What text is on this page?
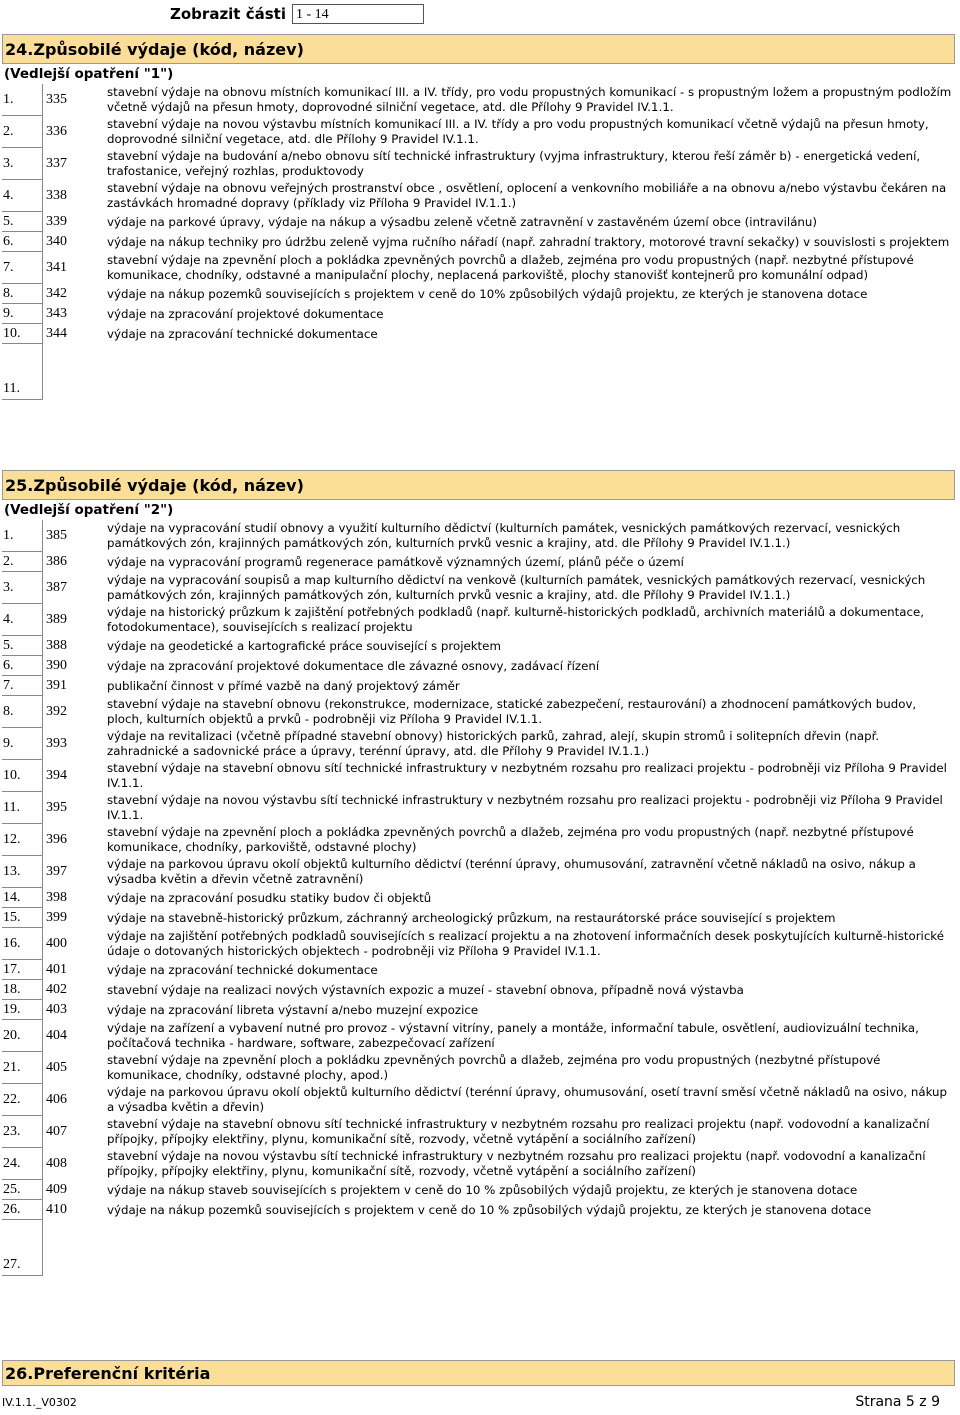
Zobrazit části 1 - 14
24.Způsobilé výdaje (kód, název)
(Vedlejší opatření "1")
1.	335	stavební výdaje na obnovu místních komunikací III. a IV. třídy, pro vodu propustných komunikací - s propustným ložem a propustným podložím včetně výdajů na přesun hmoty, doprovodné silniční vegetace, atd. dle Přílohy 9 Pravidel IV.1.1.
2.	336	stavební výdaje na novou výstavbu místních komunikací III. a IV. třídy a pro vodu propustných komunikací včetně výdajů na přesun hmoty, doprovodné silniční vegetace, atd. dle Přílohy 9 Pravidel IV.1.1.
3.	337	stavební výdaje na budování a/nebo obnovu sítí technické infrastruktury (vyjma infrastruktury, kterou řeší záměr b) - energetická vedení, trafostanice, veřejný rozhlas, produktovody
4.	338	stavební výdaje na obnovu veřejných prostranství obce , osvětlení, oplocení a venkovního mobiliáře a na obnovu a/nebo výstavbu čekáren na zastávkách hromadné dopravy (příklady viz Příloha 9 Pravidel IV.1.1.)
5.	339	výdaje na parkové úpravy, výdaje na nákup a výsadbu zeleně včetně zatravnění v zastavěném území obce (intravilánu)
6.	340	výdaje na nákup techniky pro údržbu zeleně vyjma ručního nářadí (např. zahradní traktory, motorové travní sekačky) v souvislosti s projektem
7.	341	stavební výdaje na zpevnění ploch a pokládka zpevněných povrchů a dlažeb, zejména pro vodu propustných (např. nezbytné přístupové komunikace, chodníky, odstavné a manipulační plochy, neplacená parkoviště, plochy stanovišť kontejnerů pro komunální odpad)
8.	342	výdaje na nákup pozemků souvisejících s projektem v ceně do 10% způsobilých výdajů projektu, ze kterých je stanovena dotace
9.	343	výdaje na zpracování projektové dokumentace
10.	344	výdaje na zpracování technické dokumentace
11.
25.Způsobilé výdaje (kód, název)
(Vedlejší opatření "2")
1.	385	výdaje na vypracování studií obnovy a využití kulturního dědictví (kulturních památek, vesnických památkových rezervací, vesnických památkových zón, krajinných památkových zón, kulturních prvků vesnic a krajiny, atd. dle Přílohy 9 Pravidel IV.1.1.)
2.	386	výdaje na vypracování programů regenerace památkově významných území, plánů péče o území
3.	387	výdaje na vypracování soupisů a map kulturního dědictví na venkově (kulturních památek, vesnických památkových rezervací, vesnických památkových zón, krajinných památkových zón, kulturních prvků vesnic a krajiny, atd. dle Přílohy 9 Pravidel IV.1.1.)
4.	389	výdaje na historický průzkum k zajištění potřebných podkladů (např. kulturně-historických podkladů, archivních materiálů a dokumentace, fotodokumentace), souvisejících s realizací projektu
5.	388	výdaje na geodetické a kartografické práce související s projektem
6.	390	výdaje na zpracování projektové dokumentace dle závazné osnovy, zadávací řízení
7.	391	publikační činnost v přímé vazbě na daný projektový záměr
8.	392	stavební výdaje na stavební obnovu (rekonstrukce, modernizace, statické zabezpečení, restaurování) a zhodnocení památkových budov, ploch, kulturních objektů a prvků - podrobněji viz Příloha 9 Pravidel IV.1.1.
9.	393	výdaje na revitalizaci (včetně případné stavební obnovy) historických parků, zahrad, alejí, skupin stromů i solitерních dřevin (např. zahradnické a sadovnické práce a úpravy, terénní úpravy, atd. dle Přílohy 9 Pravidel IV.1.1.)
10.	394	stavební výdaje na stavební obnovu sítí technické infrastruktury v nezbytném rozsahu pro realizaci projektu - podrobněji viz Příloha 9 Pravidel IV.1.1.
11.	395	stavební výdaje na novou výstavbu sítí technické infrastruktury v nezbytném rozsahu pro realizaci projektu - podrobněji viz Příloha 9 Pravidel IV.1.1.
12.	396	stavební výdaje na zpevnění ploch a pokládka zpevněných povrchů a dlažeb, zejména pro vodu propustných (např. nezbytné přístupové komunikace, chodníky, parkoviště, odstavné plochy)
13.	397	výdaje na parkovou úpravu okolí objektů kulturního dědictví (terénní úpravy, ohumusování, zatravnění včetně nákladů na osivo, nákup a výsadba květin a dřevin včetně zatravnění)
14.	398	výdaje na zpracování posudku statiky budov či objektů
15.	399	výdaje na stavebně-historický průzkum, záchranný archeologický průzkum, na restaurátorské práce související s projektem
16.	400	výdaje na zajištění potřebných podkladů souvisejících s realizací projektu a na zhotovení informačních desek poskytujících kulturně-historické údaje o dotovaných historických objektech - podrobněji viz Příloha 9 Pravidel IV.1.1.
17.	401	výdaje na zpracování technické dokumentace
18.	402	stavební výdaje na realizaci nových výstavních expozic a muzeí - stavební obnova, případně nová výstavba
19.	403	výdaje na zpracování libreta výstavní a/nebo muzejní expozice
20.	404	výdaje na zařízení a vybavení nutné pro provoz - výstavní vitríny, panely a montáže, informační tabule, osvětlení, audiovizuální technika, počítačová technika - hardware, software, zabezpečovací zařízení
21.	405	stavební výdaje na zpevnění ploch a pokládku zpevněných povrchů a dlažeb, zejména pro vodu propustných (nezbytné přístupové komunikace, chodníky, odstavné plochy, apod.)
22.	406	výdaje na parkovou úpravu okolí objektů kulturního dědictví (terénní úpravy, ohumusování, osetí travní směsí včetně nákladů na osivo, nákup a výsadba květin a dřevin)
23.	407	stavební výdaje na stavební obnovu sítí technické infrastruktury v nezbytném rozsahu pro realizaci projektu (např. vodovodní a kanalizační přípojky, přípojky elektřiny, plynu, komunikační sítě, rozvody, včetně vytápění a sociálního zařízení)
24.	408	stavební výdaje na novou výstavbu sítí technické infrastruktury v nezbytném rozsahu pro realizaci projektu (např. vodovodní a kanalizační přípojky, přípojky elektřiny, plynu, komunikační sítě, rozvody, včetně vytápění a sociálního zařízení)
25.	409	výdaje na nákup staveb souvisejících s projektem v ceně do 10 % způsobilých výdajů projektu, ze kterých je stanovena dotace
26.	410	výdaje na nákup pozemků souvisejících s projektem v ceně do 10 % způsobilých výdajů projektu, ze kterých je stanovena dotace
27.
26.Preferenční kritéria
IV.1.1._V0302	Strana 5 z 9
